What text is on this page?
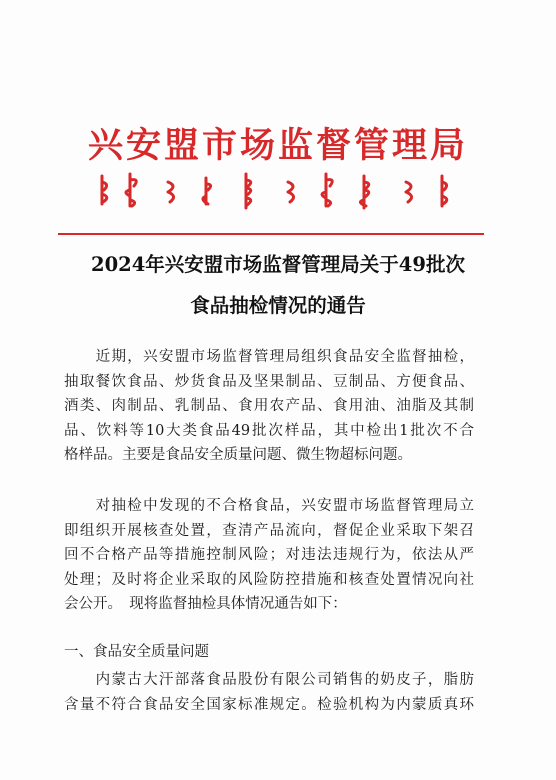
兴安盟市场监督管理局
2024年兴安盟市场监督管理局关于49批次
食品抽检情况的通告
　　近期，兴安盟市场监督管理局组织食品安全监督抽检，
抽取餐饮食品、炒货食品及坚果制品、豆制品、方便食品、
酒类、肉制品、乳制品、食用农产品、食用油、油脂及其制
品、饮料等10大类食品49批次样品，其中检出1批次不合
格样品。主要是食品安全质量问题、微生物超标问题。
　　对抽检中发现的不合格食品，兴安盟市场监督管理局立
即组织开展核查处置，查清产品流向，督促企业采取下架召
回不合格产品等措施控制风险；对违法违规行为，依法从严
处理；及时将企业采取的风险防控措施和核查处置情况向社
会公开。　现将监督抽检具体情况通告如下：
一、食品安全质量问题
　　内蒙古大汗部落食品股份有限公司销售的奶皮子，脂肪
含量不符合食品安全国家标准规定。检验机构为内蒙质真环
